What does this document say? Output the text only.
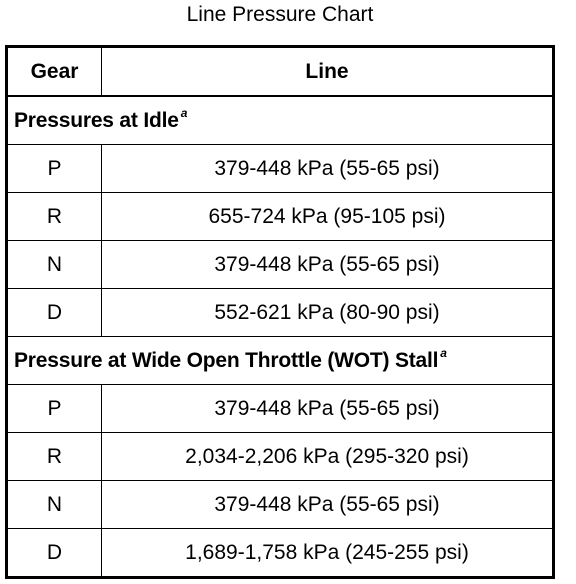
Line Pressure Chart
Gear	Line
Pressures at Idle $^a$
P	379-448 kPa (55-65 psi)
R	655-724 kPa (95-105 psi)
N	379-448 kPa (55-65 psi)
D	552-621 kPa (80-90 psi)
Pressure at Wide Open Throttle (WOT) Stall $^a$
P	379-448 kPa (55-65 psi)
R	2,034-2,206 kPa (295-320 psi)
N	379-448 kPa (55-65 psi)
D	1,689-1,758 kPa (245-255 psi)
